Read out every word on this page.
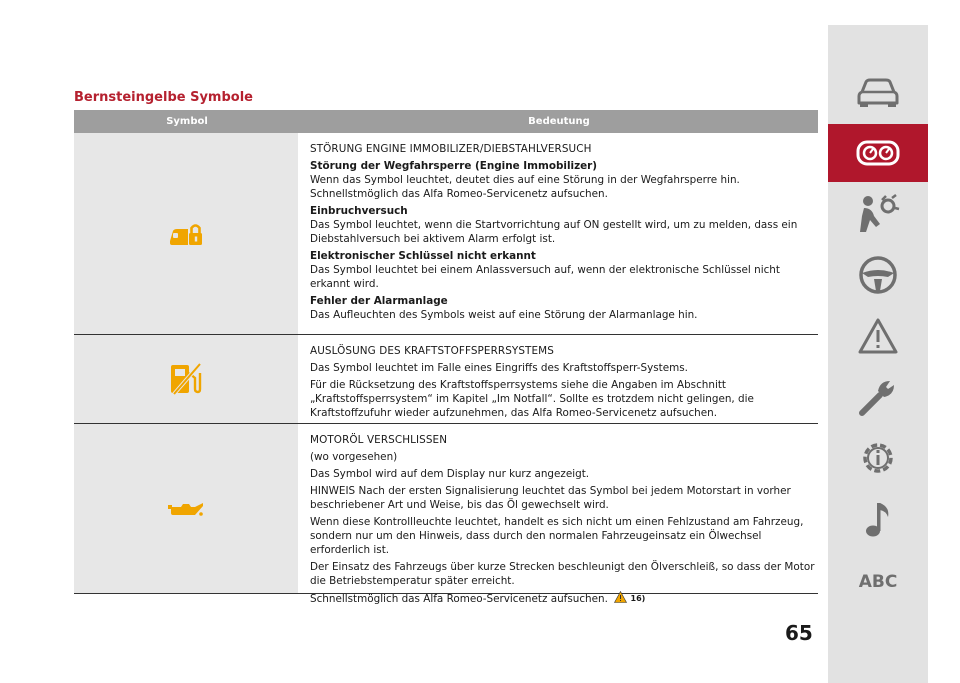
Bernsteingelbe Symbole
Symbol	Bedeutung

STÖRUNG ENGINE IMMOBILIZER/DIEBSTAHLVERSUCH

Störung der Wegfahrsperre (Engine Immobilizer)

Wenn das Symbol leuchtet, deutet dies auf eine Störung in der Wegfahrsperre hin. Schnellstmöglich das Alfa Romeo-Servicenetz aufsuchen.

Einbruchversuch

Das Symbol leuchtet, wenn die Startvorrichtung auf ON gestellt wird, um zu melden, dass ein Diebstahlversuch bei aktivem Alarm erfolgt ist.

Elektronischer Schlüssel nicht erkannt

Das Symbol leuchtet bei einem Anlassversuch auf, wenn der elektronische Schlüssel nicht erkannt wird.

Fehler der Alarmanlage

Das Aufleuchten des Symbols weist auf eine Störung der Alarmanlage hin.

AUSLÖSUNG DES KRAFTSTOFFSPERRSYSTEMS

Das Symbol leuchtet im Falle eines Eingriffs des Kraftstoffsperr-Systems.

Für die Rücksetzung des Kraftstoffsperrsystems siehe die Angaben im Abschnitt „Kraftstoffsperrsystem“ im Kapitel „Im Notfall“. Sollte es trotzdem nicht gelingen, die Kraftstoffzufuhr wieder aufzunehmen, das Alfa Romeo-Servicenetz aufsuchen.

MOTORÖL VERSCHLISSEN

(wo vorgesehen)

Das Symbol wird auf dem Display nur kurz angezeigt.

HINWEIS Nach der ersten Signalisierung leuchtet das Symbol bei jedem Motorstart in vorher beschriebener Art und Weise, bis das Öl gewechselt wird.

Wenn diese Kontrollleuchte leuchtet, handelt es sich nicht um einen Fehlzustand am Fahrzeug, sondern nur um den Hinweis, dass durch den normalen Fahrzeugeinsatz ein Ölwechsel erforderlich ist.

Der Einsatz des Fahrzeugs über kurze Strecken beschleunigt den Ölverschleiß, so dass der Motor die Betriebstemperatur später erreicht.

Schnellstmöglich das Alfa Romeo-Servicenetz aufsuchen.	16)

65
ABC
